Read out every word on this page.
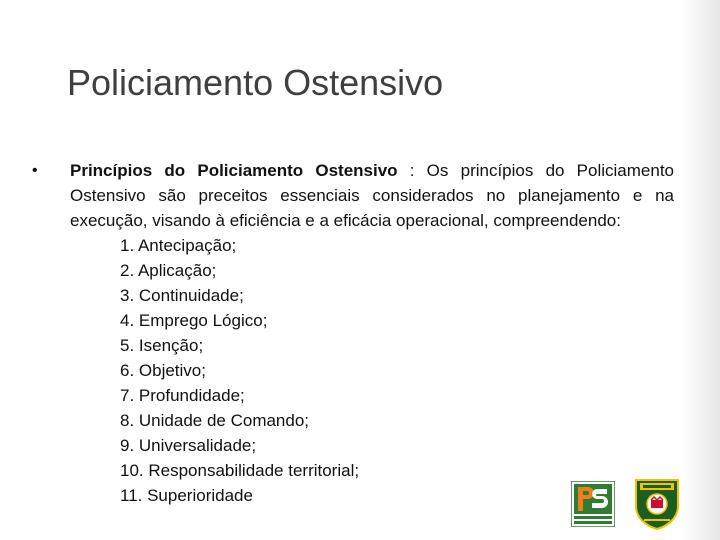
Policiamento Ostensivo
• Princípios do Policiamento Ostensivo : Os princípios do Policiamento Ostensivo são preceitos essenciais considerados no planejamento e na execução, visando à eficiência e a eficácia operacional, compreendendo:

1. Antecipação;
2. Aplicação;
3. Continuidade;
4. Emprego Lógico;
5. Isenção;
6. Objetivo;
7. Profundidade;
8. Unidade de Comando;
9. Universalidade;
10. Responsabilidade territorial;
11. Superioridade
